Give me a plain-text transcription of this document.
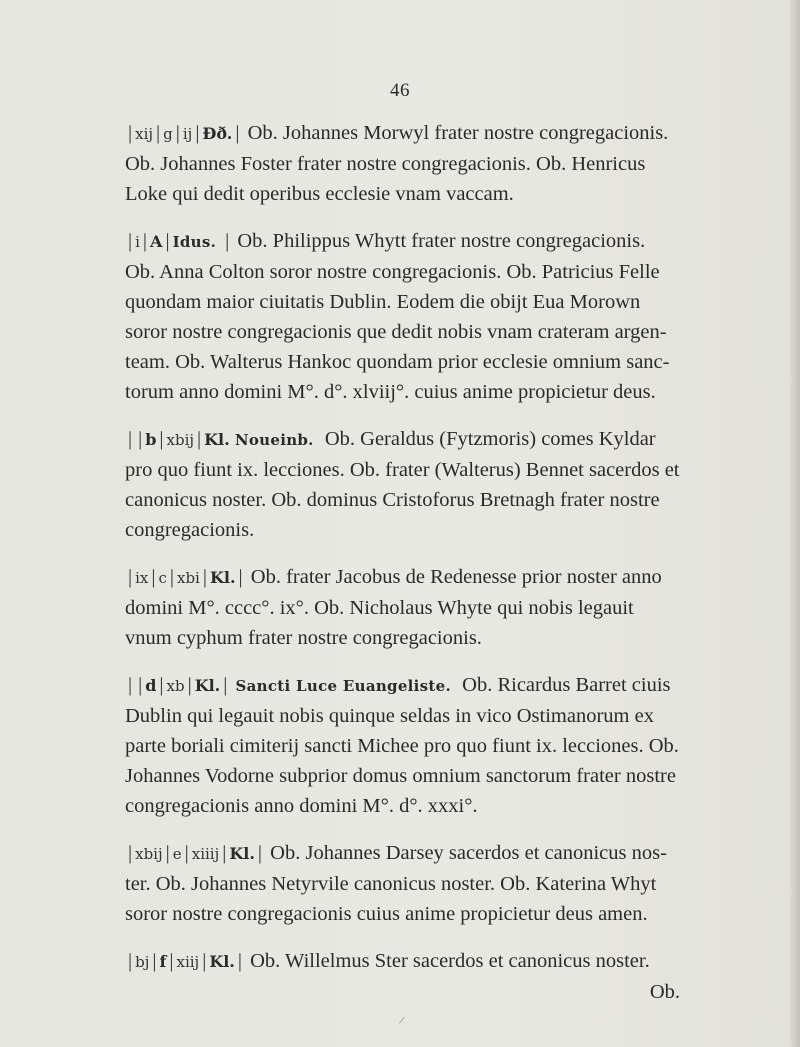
46
| xij | g | ij | Ðð. | Ob. Johannes Morwyl frater nostre congregacionis. Ob. Johannes Foster frater nostre congregacionis. Ob. Henricus Loke qui dedit operibus ecclesie vnam vaccam.
| i | A | Idus. | Ob. Philippus Whytt frater nostre congregacionis. Ob. Anna Colton soror nostre congregacionis. Ob. Patricius Felle quondam maior ciuitatis Dublin. Eodem die obijt Eua Morown soror nostre congregacionis que dedit nobis vnam crateram argenteam. Ob. Walterus Hankoc quondam prior ecclesie omnium sanctorum anno domini M°. d°. xlviij°. cuius anime propicietur deus.
| | b | xbij | Kl. Noueinb. Ob. Geraldus (Fytzmoris) comes Kyldar pro quo fiunt ix. lecciones. Ob. frater (Walterus) Bennet sacerdos et canonicus noster. Ob. dominus Cristoforus Bretnagh frater nostre congregacionis.
| ix | c | xbi | Kl. | Ob. frater Jacobus de Redenesse prior noster anno domini M°. cccc°. ix°. Ob. Nicholaus Whyte qui nobis legauit vnum cyphum frater nostre congregacionis.
| | d | xb | Kl. | Sancti Luce Euangeliste. Ob. Ricardus Barret ciuis Dublin qui legauit nobis quinque seldas in vico Ostimanorum ex parte boriali cimiterij sancti Michee pro quo fiunt ix. lecciones. Ob. Johannes Vodorne subprior domus omnium sanctorum frater nostre congregacionis anno domini M°. d°. xxxi°.
| xbij | e | xiiij | Kl. | Ob. Johannes Darsey sacerdos et canonicus noster. Ob. Johannes Netyrvile canonicus noster. Ob. Katerina Whyt soror nostre congregacionis cuius anime propicietur deus amen.
| bj | f | xiij | Kl. | Ob. Willelmus Ster sacerdos et canonicus noster.
Ob.
/
